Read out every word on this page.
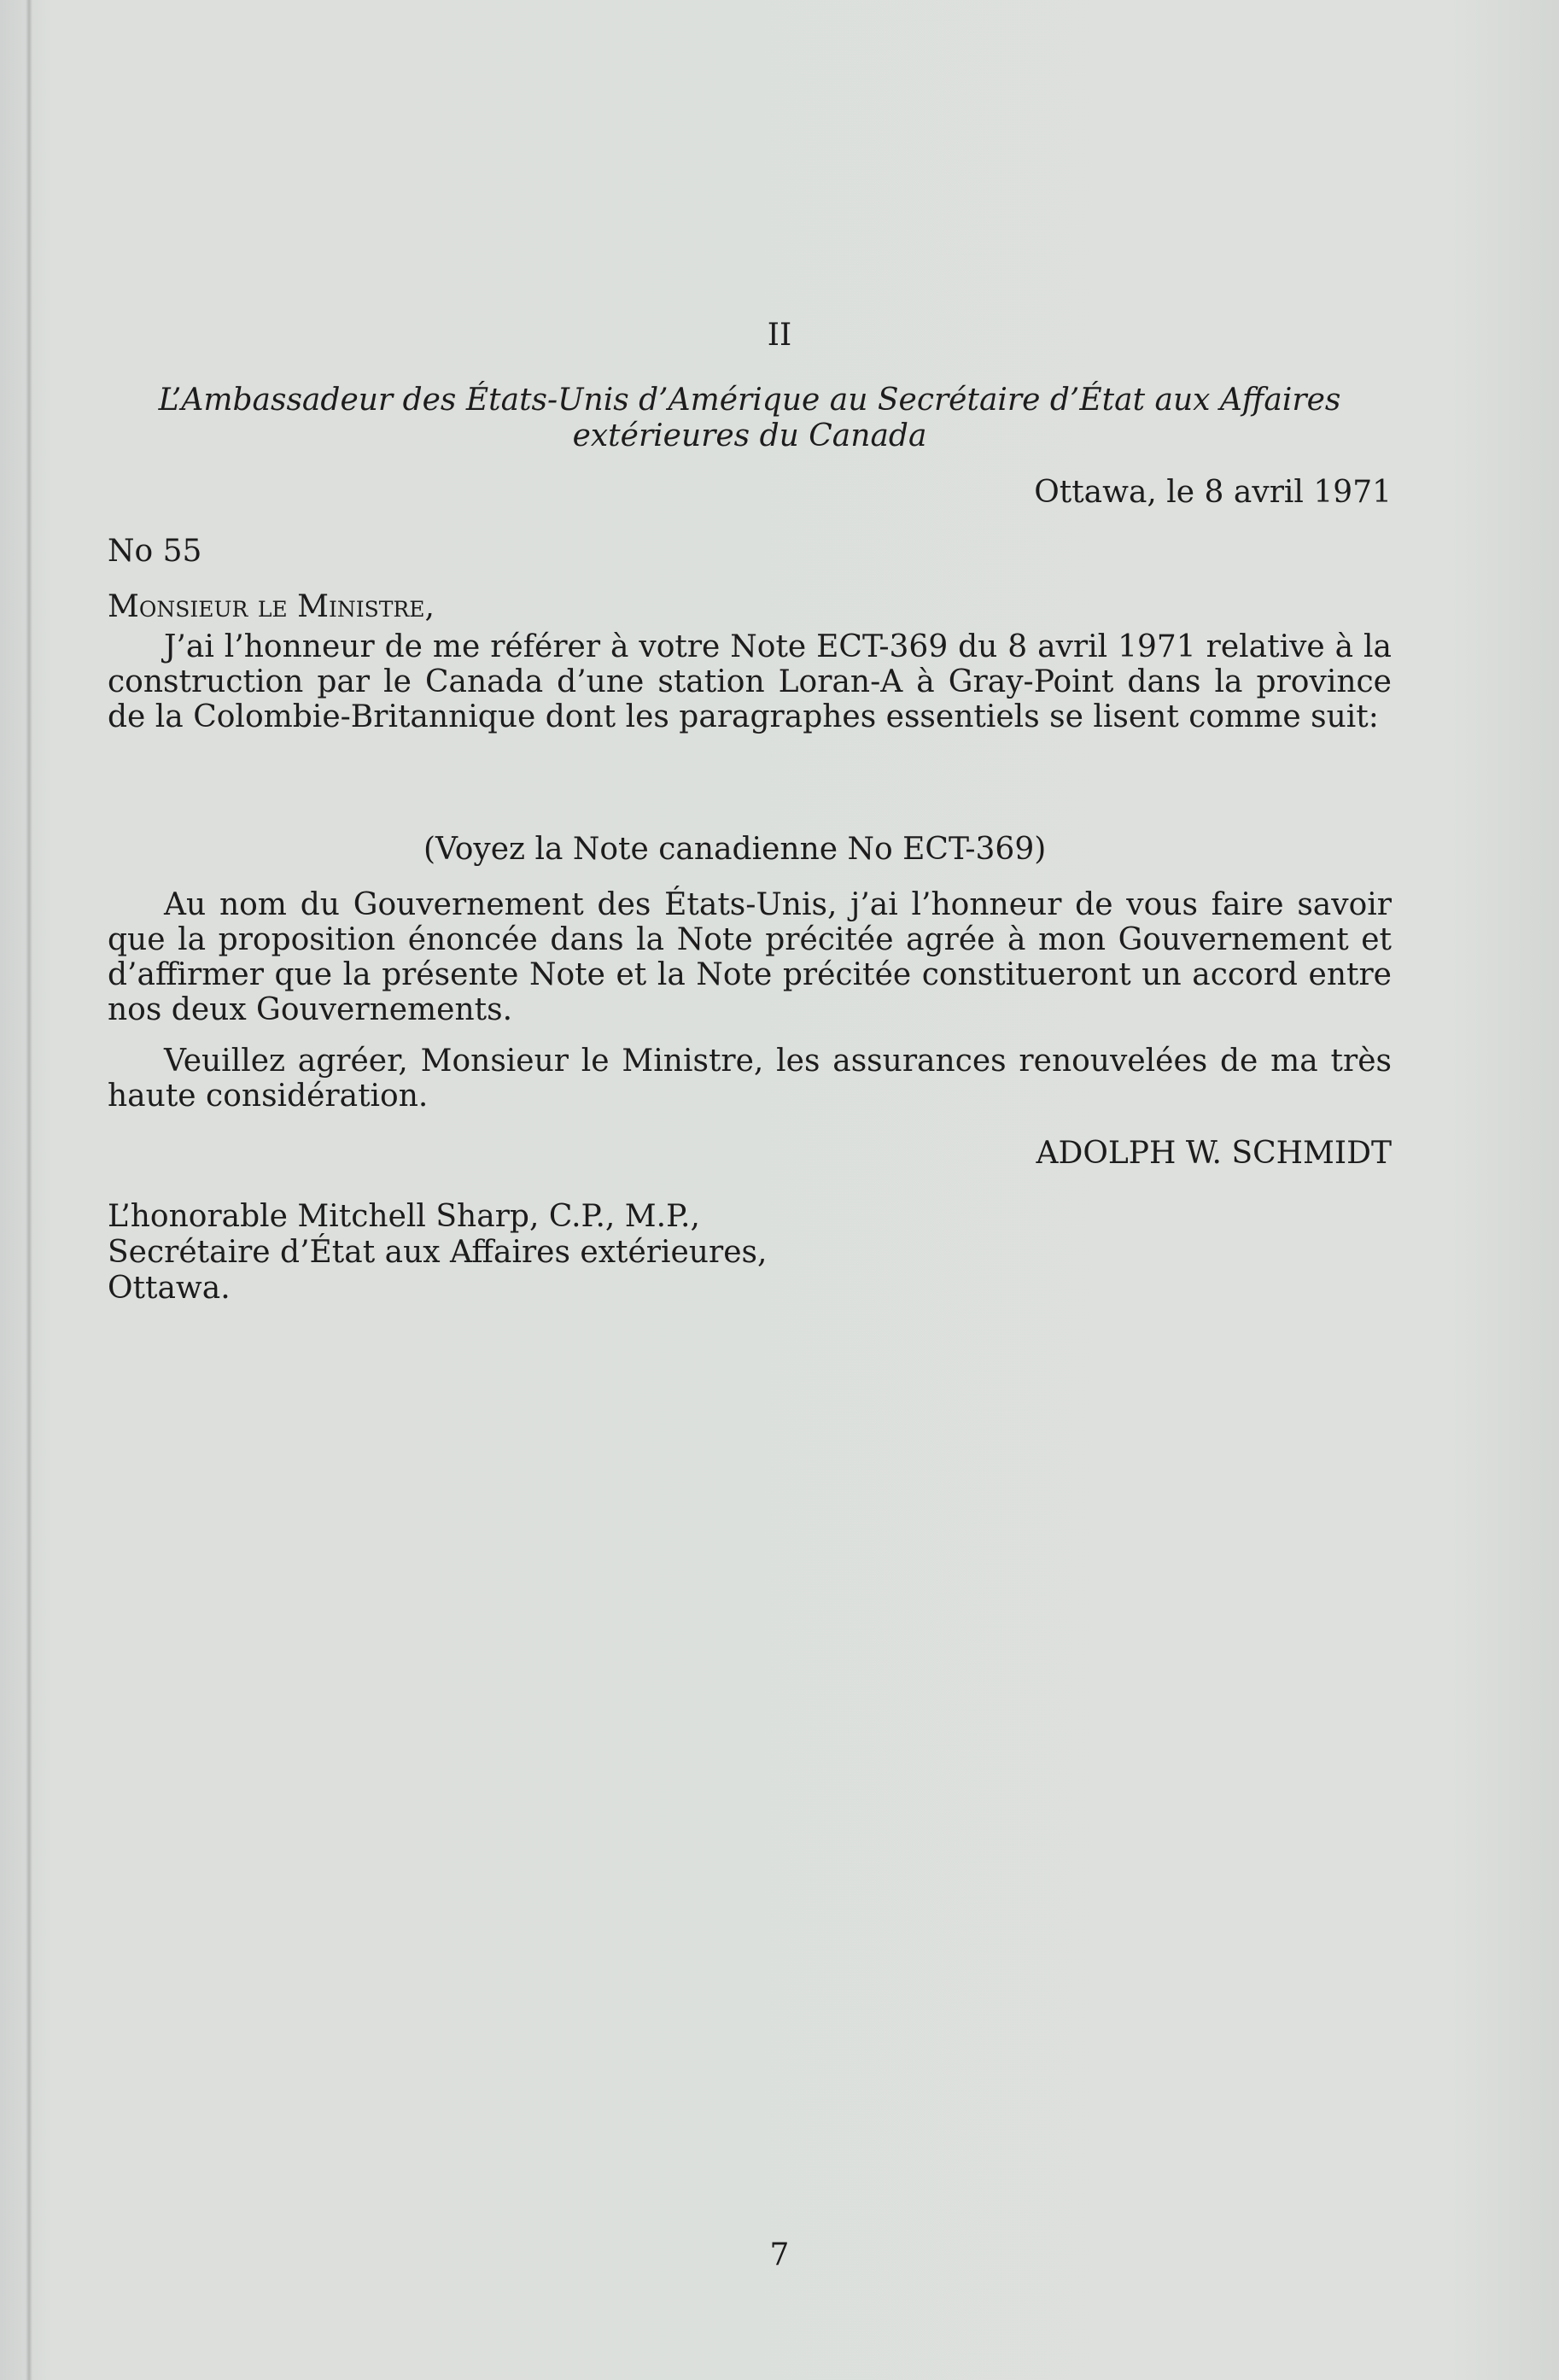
II

L’Ambassadeur des États-Unis d’Amérique au Secrétaire d’État aux Affaires

extérieures du Canada

Ottawa, le 8 avril 1971

No 55

Monsieur le Ministre,

J’ai l’honneur de me référer à votre Note ECT-369 du 8 avril 1971 relative à la construction par le Canada d’une station Loran-A à Gray-Point dans la province de la Colombie-Britannique dont les paragraphes essentiels se lisent comme suit:

(Voyez la Note canadienne No ECT-369)

Au nom du Gouvernement des États-Unis, j’ai l’honneur de vous faire savoir que la proposition énoncée dans la Note précitée agrée à mon Gouvernement et d’affirmer que la présente Note et la Note précitée constitueront un accord entre nos deux Gouvernements.

Veuillez agréer, Monsieur le Ministre, les assurances renouvelées de ma très haute considération.

ADOLPH W. SCHMIDT

L’honorable Mitchell Sharp, C.P., M.P.,

Secrétaire d’État aux Affaires extérieures,

Ottawa.

7
